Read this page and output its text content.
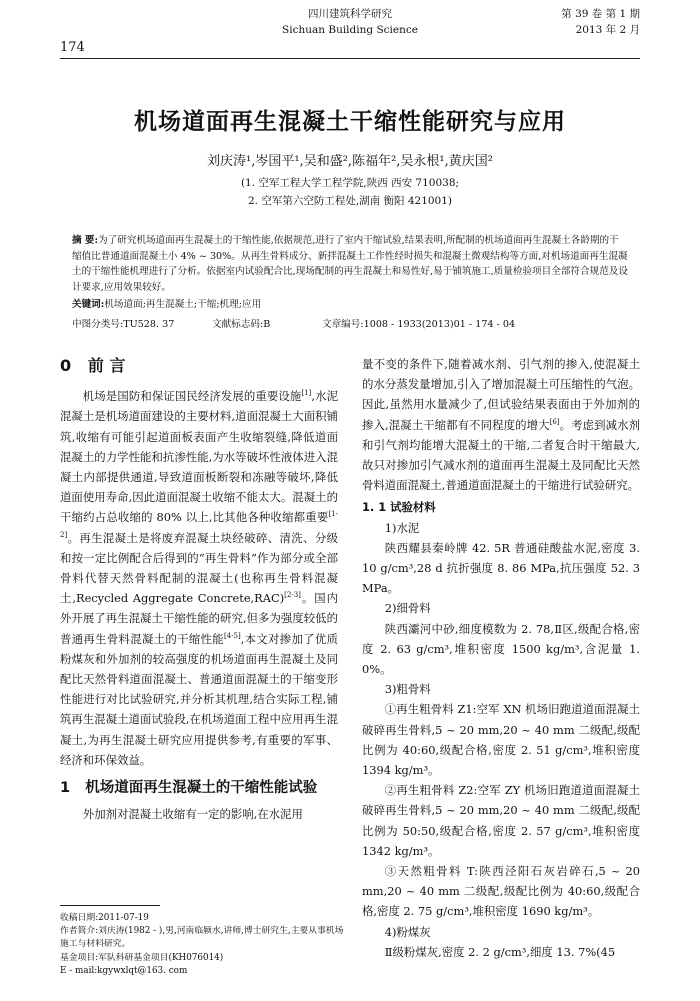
四川建筑科学研究
Sichuan Building Science
174
第 39 卷 第 1 期
2013 年 2 月
机场道面再生混凝土干缩性能研究与应用
刘庆涛¹,岑国平¹,吴和盛²,陈福年²,吴永根¹,黄庆国²
(1. 空军工程大学工程学院,陕西 西安 710038;
2. 空军第六空防工程处,湖南 衡阳 421001)
摘 要:为了研究机场道面再生混凝土的干缩性能,依据规范,进行了室内干缩试验,结果表明,所配制的机场道面再生混凝土各龄期的干缩值比普通道面混凝土小 4% ~ 30%。从再生骨料成分、新拌混凝土工作性经时损失和混凝土微观结构等方面,对机场道面再生混凝土的干缩性能机理进行了分析。依据室内试验配合比,现场配制的再生混凝土和易性好,易于铺筑施工,质量检验项目全部符合规范及设计要求,应用效果较好。
关键词:机场道面;再生混凝土;干缩;机理;应用
中图分类号:TU528. 37	文献标志码:B	文章编号:1008 - 1933(2013)01 - 174 - 04
0 前 言

机场是国防和保证国民经济发展的重要设施[1],水泥混凝土是机场道面建设的主要材料,道面混凝土大面积铺筑,收缩有可能引起道面板表面产生收缩裂缝,降低道面混凝土的力学性能和抗渗性能,为水等破坏性液体进入混凝土内部提供通道,导致道面板断裂和冻融等破坏,降低道面使用寿命,因此道面混凝土收缩不能太大。混凝土的干缩约占总收缩的 80% 以上,比其他各种收缩都重要[1-2]。再生混凝土是将废弃混凝土块经破碎、清洗、分级和按一定比例配合后得到的“再生骨料”作为部分或全部骨料代替天然骨料配制的混凝土(也称再生骨料混凝土,Recycled Aggregate Concrete,RAC)[2-3]。国内外开展了再生混凝土干缩性能的研究,但多为强度较低的普通再生骨料混凝土的干缩性能[4-5],本文对掺加了优质粉煤灰和外加剂的较高强度的机场道面再生混凝土及同配比天然骨料道面混凝土、普通道面混凝土的干缩变形性能进行对比试验研究,并分析其机理,结合实际工程,铺筑再生混凝土道面试验段,在机场道面工程中应用再生混凝土,为再生混凝土研究应用提供参考,有重要的军事、经济和环保效益。

1 机场道面再生混凝土的干缩性能试验

外加剂对混凝土收缩有一定的影响,在水泥用

收稿日期:2011-07-19
作者简介:刘庆涛(1982 - ),男,河南临颍水,讲师,博士研究生,主要从事机场施工与材料研究。
基金项目:军队科研基金项目(KH076014)
E - mail:kgywxlqt@163. com

量不变的条件下,随着减水剂、引气剂的掺入,使混凝土的水分蒸发量增加,引入了增加混凝土可压缩性的气泡。因此,虽然用水量减少了,但试验结果表面由于外加剂的掺入,混凝土干缩都有不同程度的增大[6]。考虑到减水剂和引气剂均能增大混凝土的干缩,二者复合时干缩最大,故只对掺加引气减水剂的道面再生混凝土及同配比天然骨料道面混凝土,普通道面混凝土的干缩进行试验研究。

1. 1 试验材料

1)水泥

陕西耀县秦岭牌 42. 5R 普通硅酸盐水泥,密度 3. 10 g/cm³,28 d 抗折强度 8. 86 MPa,抗压强度 52. 3 MPa。

2)细骨料

陕西灞河中砂,细度模数为 2. 78,Ⅱ区,级配合格,密度 2. 63 g/cm³,堆积密度 1500 kg/m³,含泥量 1. 0%。

3)粗骨料

①再生粗骨料 Z1:空军 XN 机场旧跑道道面混凝土破碎再生骨料,5 ~ 20 mm,20 ~ 40 mm 二级配,级配比例为 40:60,级配合格,密度 2. 51 g/cm³,堆积密度 1394 kg/m³。

②再生粗骨料 Z2:空军 ZY 机场旧跑道道面混凝土破碎再生骨料,5 ~ 20 mm,20 ~ 40 mm 二级配,级配比例为 50:50,级配合格,密度 2. 57 g/cm³,堆积密度 1342 kg/m³。

③天然粗骨料 T:陕西泾阳石灰岩碎石,5 ~ 20 mm,20 ~ 40 mm 二级配,级配比例为 40:60,级配合格,密度 2. 75 g/cm³,堆积密度 1690 kg/m³。

4)粉煤灰

Ⅱ级粉煤灰,密度 2. 2 g/cm³,细度 13. 7%(45
